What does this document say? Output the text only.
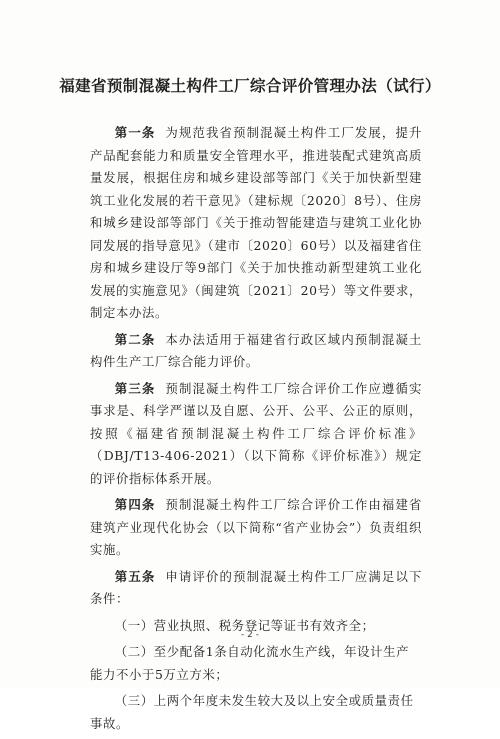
福建省预制混凝土构件工厂综合评价管理办法（试行）

第一条 为规范我省预制混凝土构件工厂发展，提升产品配套能力和质量安全管理水平，推进装配式建筑高质量发展，根据住房和城乡建设部等部门《关于加快新型建筑工业化发展的若干意见》（建标规〔2020〕8号）、住房和城乡建设部等部门《关于推动智能建造与建筑工业化协同发展的指导意见》（建市〔2020〕60号）以及福建省住房和城乡建设厅等9部门《关于加快推动新型建筑工业化发展的实施意见》（闽建筑〔2021〕20号）等文件要求，制定本办法。

第二条 本办法适用于福建省行政区域内预制混凝土构件生产工厂综合能力评价。

第三条 预制混凝土构件工厂综合评价工作应遵循实事求是、科学严谨以及自愿、公开、公平、公正的原则，按照《福建省预制混凝土构件工厂综合评价标准》（DBJ/T13-406-2021）（以下简称《评价标准》）规定的评价指标体系开展。

第四条 预制混凝土构件工厂综合评价工作由福建省建筑产业现代化协会（以下简称“省产业协会”）负责组织实施。

第五条 申请评价的预制混凝土构件工厂应满足以下条件：

（一）营业执照、税务登记等证书有效齐全；

（二）至少配备1条自动化流水生产线，年设计生产能力不小于5万立方米；

（三）上两个年度未发生较大及以上安全或质量责任事故。

- 2 -
